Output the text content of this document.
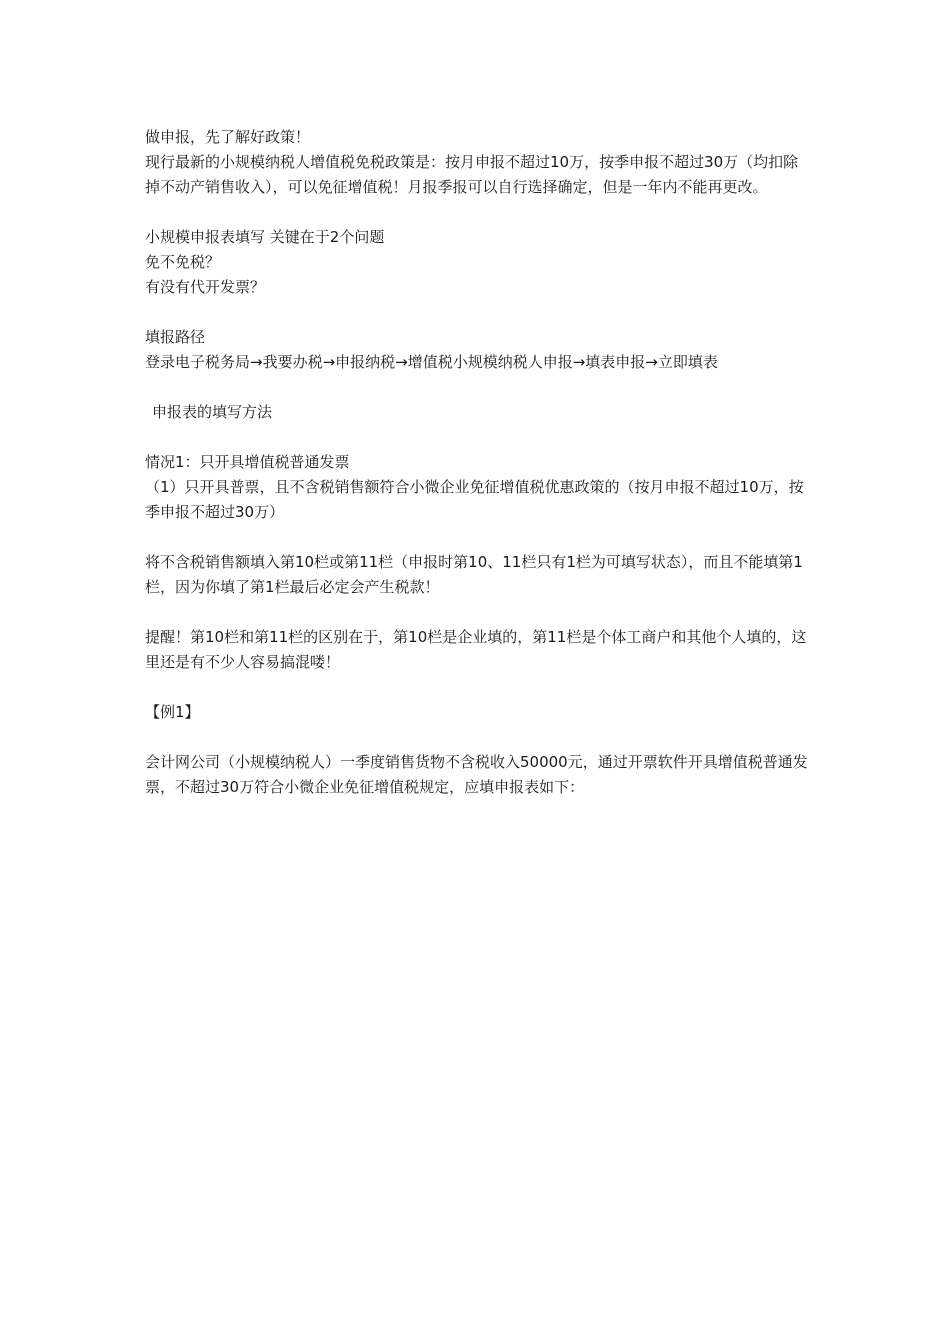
做申报，先了解好政策！

现行最新的小规模纳税人增值税免税政策是：按月申报不超过10万，按季申报不超过30万（均扣除掉不动产销售收入），可以免征增值税！月报季报可以自行选择确定，但是一年内不能再更改。

小规模申报表填写 关键在于2个问题

免不免税？

有没有代开发票？

填报路径

登录电子税务局→我要办税→申报纳税→增值税小规模纳税人申报→填表申报→立即填表

申报表的填写方法

情况1：只开具增值税普通发票

（1）只开具普票，且不含税销售额符合小微企业免征增值税优惠政策的（按月申报不超过10万，按季申报不超过30万）

将不含税销售额填入第10栏或第11栏（申报时第10、11栏只有1栏为可填写状态），而且不能填第1栏，因为你填了第1栏最后必定会产生税款！

提醒！第10栏和第11栏的区别在于，第10栏是企业填的，第11栏是个体工商户和其他个人填的，这里还是有不少人容易搞混喽！

【例1】

会计网公司（小规模纳税人）一季度销售货物不含税收入50000元，通过开票软件开具增值税普通发票，不超过30万符合小微企业免征增值税规定，应填申报表如下：
